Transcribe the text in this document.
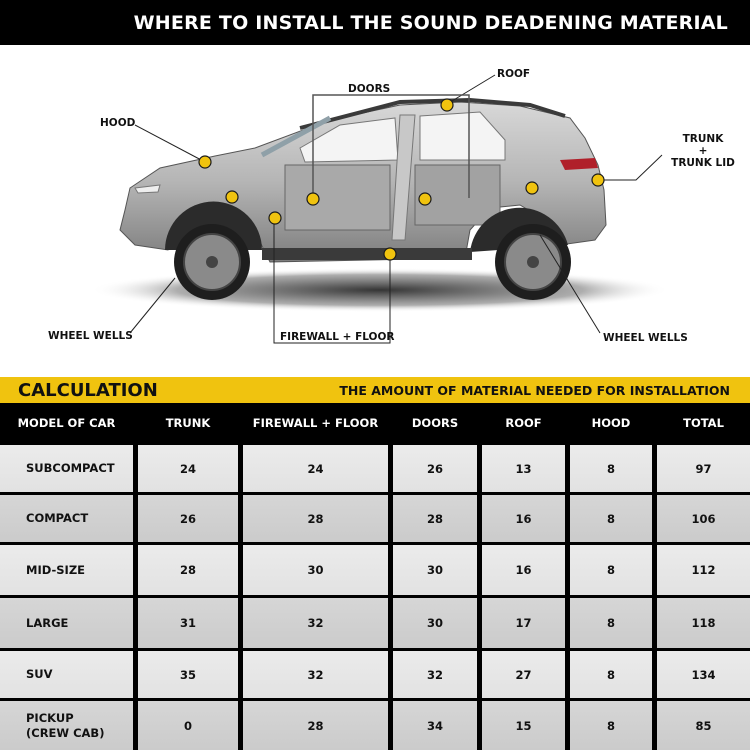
WHERE TO INSTALL THE SOUND DEADENING MATERIAL
HOOD
DOORS
ROOF
TRUNK
+
TRUNK LID
WHEEL WELLS	FIREWALL + FLOOR	WHEEL WELLS
CALCULATION	THE AMOUNT OF MATERIAL NEEDED FOR INSTALLATION
MODEL OF CAR	TRUNK	FIREWALL + FLOOR	DOORS	ROOF	HOOD	TOTAL
SUBCOMPACT	24	24	26	13	8	97
COMPACT	26	28	28	16	8	106
MID-SIZE	28	30	30	16	8	112
LARGE	31	32	30	17	8	118
SUV	35	32	32	27	8	134
PICKUP
(CREW CAB)	0	28	34	15	8	85
